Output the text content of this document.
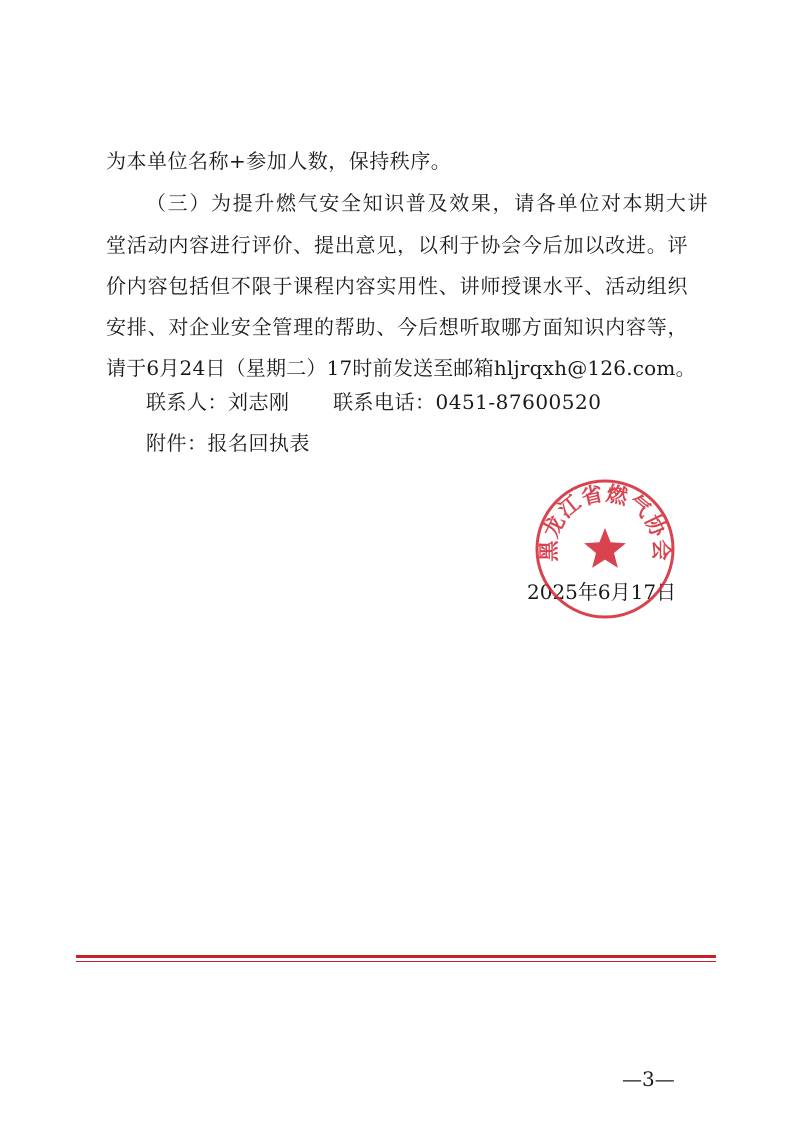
为本单位名称+参加人数，保持秩序。
（三）为提升燃气安全知识普及效果，请各单位对本期大讲
堂活动内容进行评价、提出意见，以利于协会今后加以改进。评
价内容包括但不限于课程内容实用性、讲师授课水平、活动组织
安排、对企业安全管理的帮助、今后想听取哪方面知识内容等，
请于6月24日（星期二）17时前发送至邮箱hljrqxh@126.com。
联系人：刘志刚 联系电话：0451-87600520
附件：报名回执表
2025年6月17日
黑龙江省燃气协会
—3—
